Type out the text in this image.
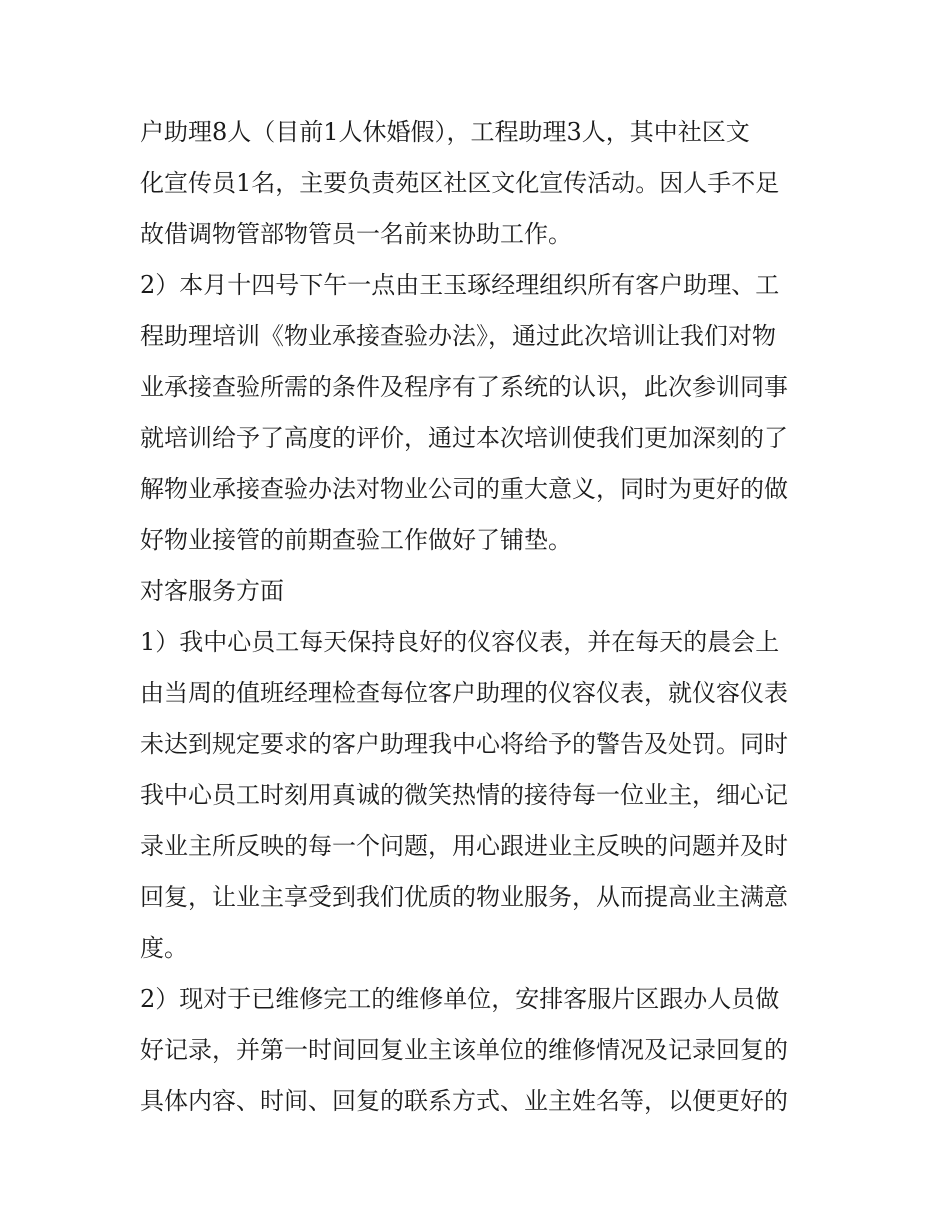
户助理8人（目前1人休婚假），工程助理3人，其中社区文
化宣传员1名，主要负责苑区社区文化宣传活动。因人手不足
故借调物管部物管员一名前来协助工作。
2）本月十四号下午一点由王玉琢经理组织所有客户助理、工
程助理培训《物业承接查验办法》，通过此次培训让我们对物
业承接查验所需的条件及程序有了系统的认识，此次参训同事
就培训给予了高度的评价，通过本次培训使我们更加深刻的了
解物业承接查验办法对物业公司的重大意义，同时为更好的做
好物业接管的前期查验工作做好了铺垫。
对客服务方面
1）我中心员工每天保持良好的仪容仪表，并在每天的晨会上
由当周的值班经理检查每位客户助理的仪容仪表，就仪容仪表
未达到规定要求的客户助理我中心将给予的警告及处罚。同时
我中心员工时刻用真诚的微笑热情的接待每一位业主，细心记
录业主所反映的每一个问题，用心跟进业主反映的问题并及时
回复，让业主享受到我们优质的物业服务，从而提高业主满意
度。
2）现对于已维修完工的维修单位，安排客服片区跟办人员做
好记录，并第一时间回复业主该单位的维修情况及记录回复的
具体内容、时间、回复的联系方式、业主姓名等，以便更好的
